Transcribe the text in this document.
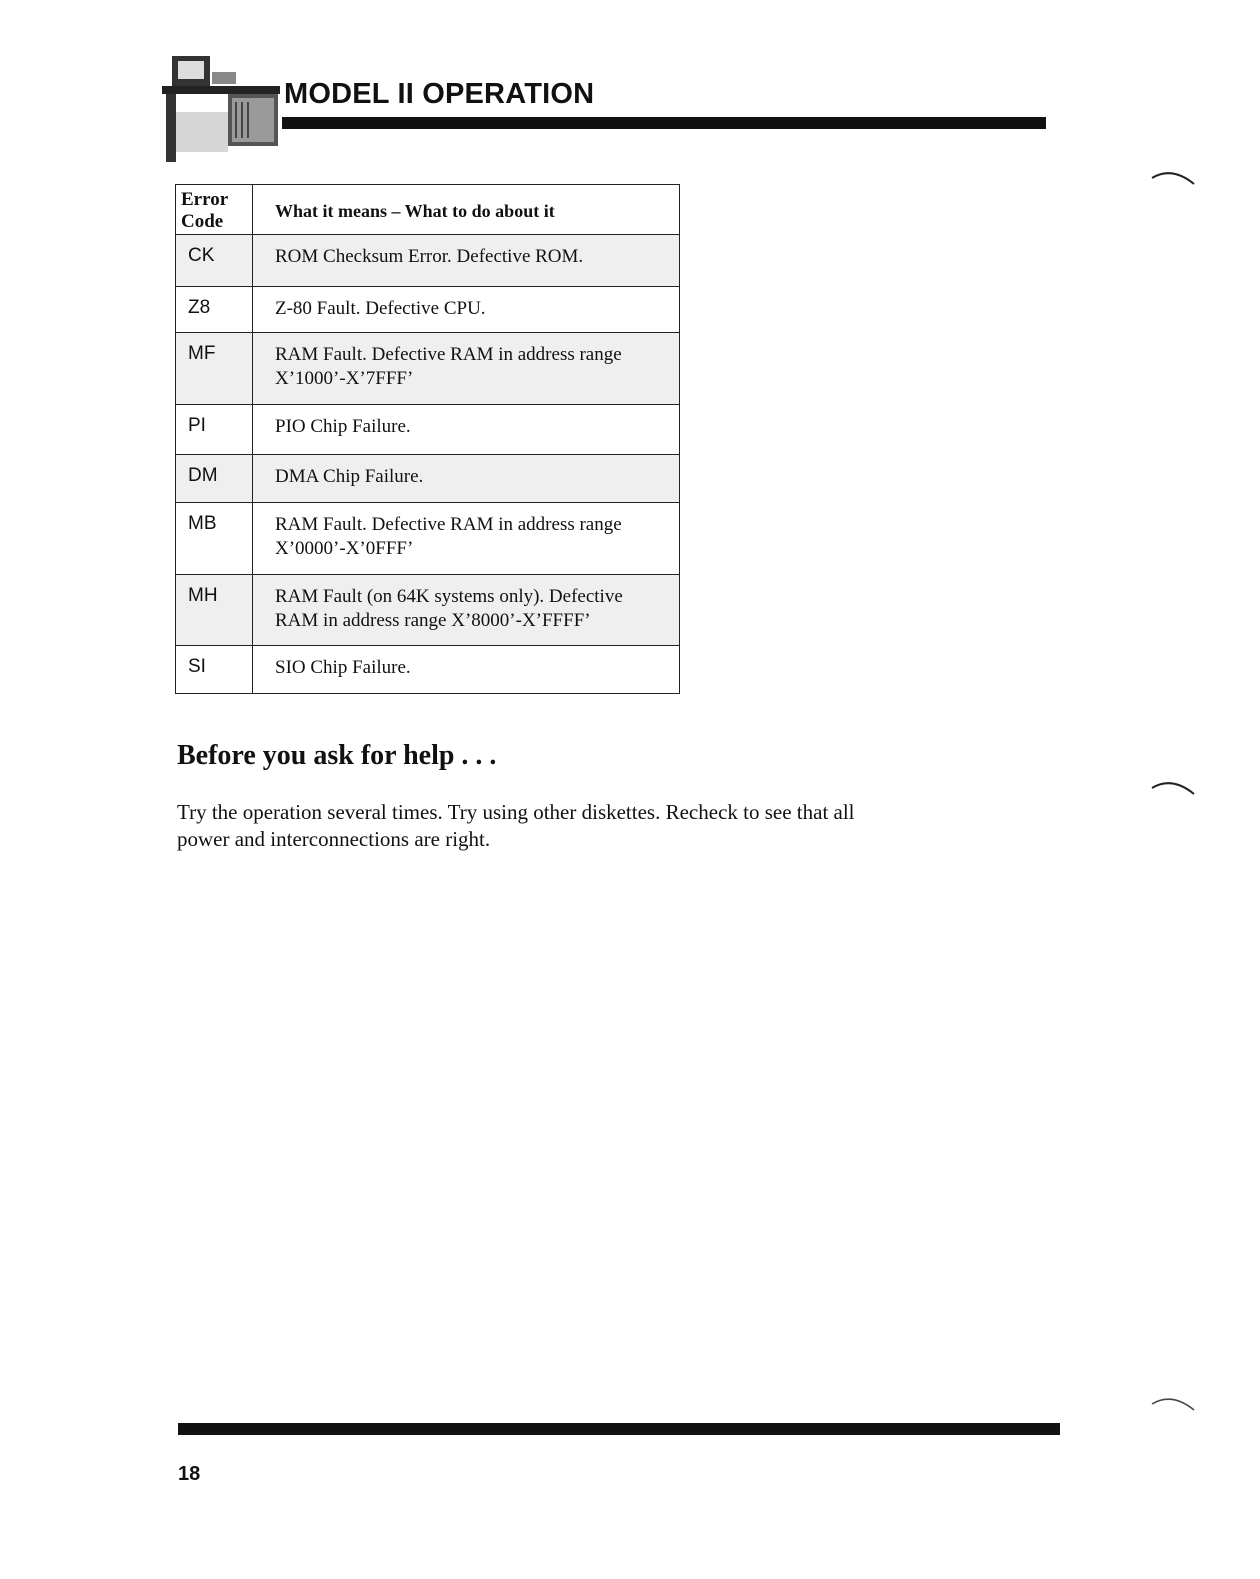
MODEL II OPERATION
Error
Code	What it means – What to do about it
CK	ROM Checksum Error. Defective ROM.
Z8	Z-80 Fault. Defective CPU.
MF	RAM Fault. Defective RAM in address range X’1000’-X’7FFF’
PI	PIO Chip Failure.
DM	DMA Chip Failure.
MB	RAM Fault. Defective RAM in address range X’0000’-X’0FFF’
MH	RAM Fault (on 64K systems only). Defective RAM in address range X’8000’-X’FFFF’
SI	SIO Chip Failure.
Before you ask for help . . .
Try the operation several times. Try using other diskettes. Recheck to see that all power and interconnections are right.
18
